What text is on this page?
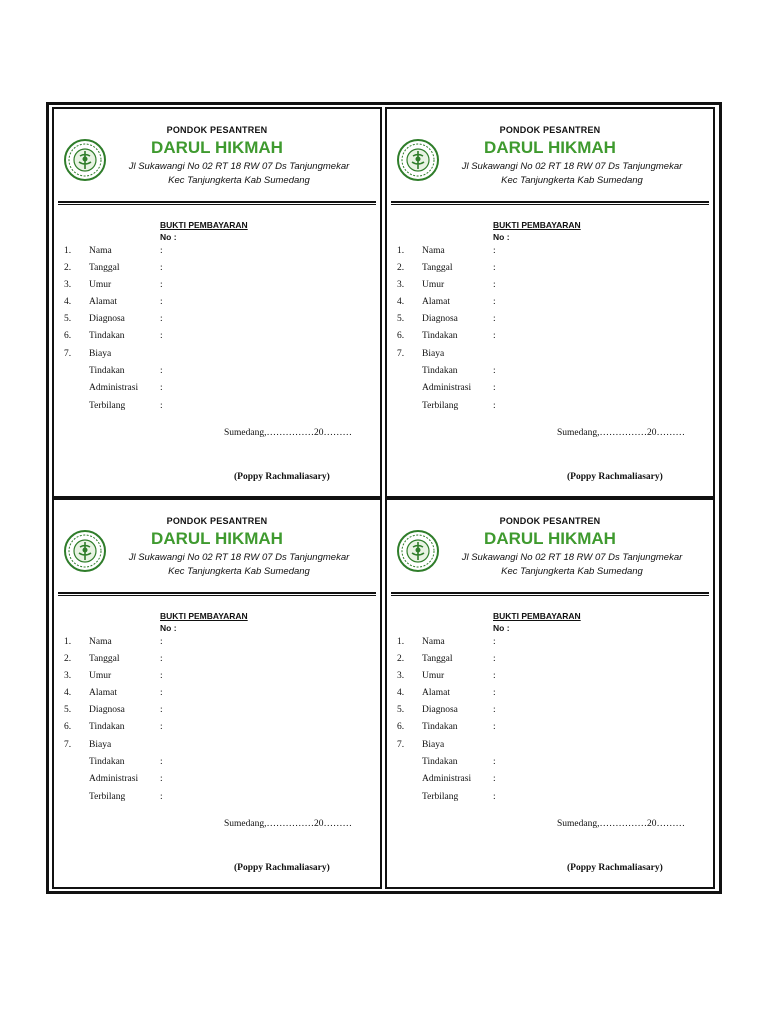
PONDOK PESANTREN
DARUL HIKMAH
Jl Sukawangi No 02 RT 18 RW 07 Ds Tanjungmekar
Kec Tanjungkerta Kab Sumedang
BUKTI PEMBAYARAN
No :
1. Nama	:
2. Tanggal	:
3. Umur	:
4. Alamat	:
5. Diagnosa	:
6. Tindakan	:
7. Biaya
Tindakan	:
Administrasi :
Terbilang	:
Sumedang,……………20………
(Poppy Rachmaliasary)
PONDOK PESANTREN
DARUL HIKMAH
Jl Sukawangi No 02 RT 18 RW 07 Ds Tanjungmekar
Kec Tanjungkerta Kab Sumedang
BUKTI PEMBAYARAN
No :
1. Nama	:
2. Tanggal	:
3. Umur	:
4. Alamat	:
5. Diagnosa	:
6. Tindakan	:
7. Biaya
Tindakan	:
Administrasi :
Terbilang	:
Sumedang,……………20………
(Poppy Rachmaliasary)
PONDOK PESANTREN
DARUL HIKMAH
Jl Sukawangi No 02 RT 18 RW 07 Ds Tanjungmekar
Kec Tanjungkerta Kab Sumedang
BUKTI PEMBAYARAN
No :
1. Nama	:
2. Tanggal	:
3. Umur	:
4. Alamat	:
5. Diagnosa	:
6. Tindakan	:
7. Biaya
Tindakan	:
Administrasi :
Terbilang	:
Sumedang,……………20………
(Poppy Rachmaliasary)
PONDOK PESANTREN
DARUL HIKMAH
Jl Sukawangi No 02 RT 18 RW 07 Ds Tanjungmekar
Kec Tanjungkerta Kab Sumedang
BUKTI PEMBAYARAN
No :
1. Nama	:
2. Tanggal	:
3. Umur	:
4. Alamat	:
5. Diagnosa	:
6. Tindakan	:
7. Biaya
Tindakan	:
Administrasi :
Terbilang	:
Sumedang,……………20………
(Poppy Rachmaliasary)
